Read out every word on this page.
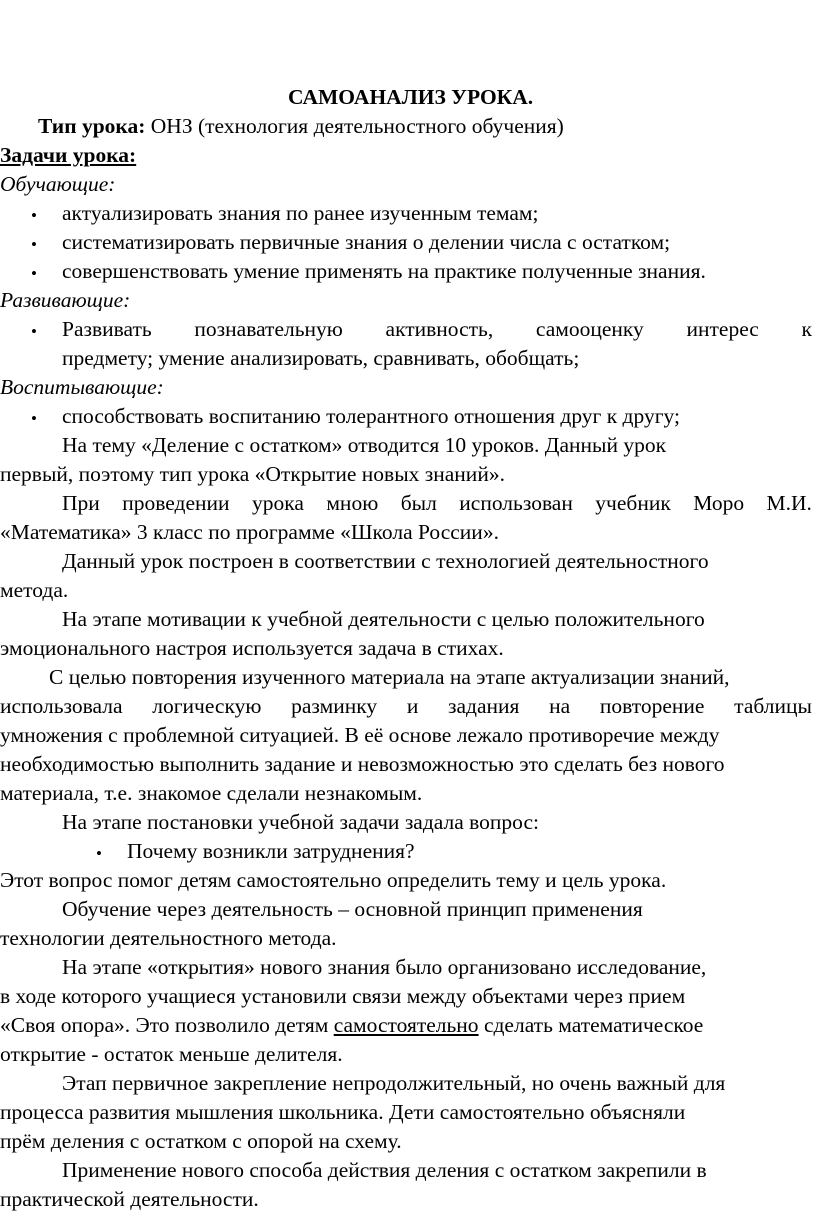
САМОАНАЛИЗ УРОКА.
Тип урока: ОНЗ (технология деятельностного обучения)
Задачи урока:
Обучающие:
• актуализировать знания по ранее изученным темам;
• систематизировать первичные знания о делении числа с остатком;
• совершенствовать умение применять на практике полученные знания.
Развивающие:
• Развивать познавательную активность, самооценку интерес к
предмету; умение анализировать, сравнивать, обобщать;
Воспитывающие:
• способствовать воспитанию толерантного отношения друг к другу;
На тему «Деление с остатком» отводится 10 уроков. Данный урок
первый, поэтому тип урока «Открытие новых знаний».
При проведении урока мною был использован учебник Моро М.И.
«Математика» 3 класс по программе «Школа России».
Данный урок построен в соответствии с технологией деятельностного
метода.
На этапе мотивации к учебной деятельности с целью положительного
эмоционального настроя используется задача в стихах.
С целью повторения изученного материала на этапе актуализации знаний,
использовала логическую разминку и задания на повторение таблицы
умножения с проблемной ситуацией. В её основе лежало противоречие между
необходимостью выполнить задание и невозможностью это сделать без нового
материала, т.е. знакомое сделали незнакомым.
На этапе постановки учебной задачи задала вопрос:
• Почему возникли затруднения?
Этот вопрос помог детям самостоятельно определить тему и цель урока.
Обучение через деятельность – основной принцип применения
технологии деятельностного метода.
На этапе «открытия» нового знания было организовано исследование,
в ходе которого учащиеся установили связи между объектами через прием
«Своя опора». Это позволило детям самостоятельно сделать математическое
открытие - остаток меньше делителя.
Этап первичное закрепление непродолжительный, но очень важный для
процесса развития мышления школьника. Дети самостоятельно объясняли
прём деления с остатком с опорой на схему.
Применение нового способа действия деления с остатком закрепили в
практической деятельности.
